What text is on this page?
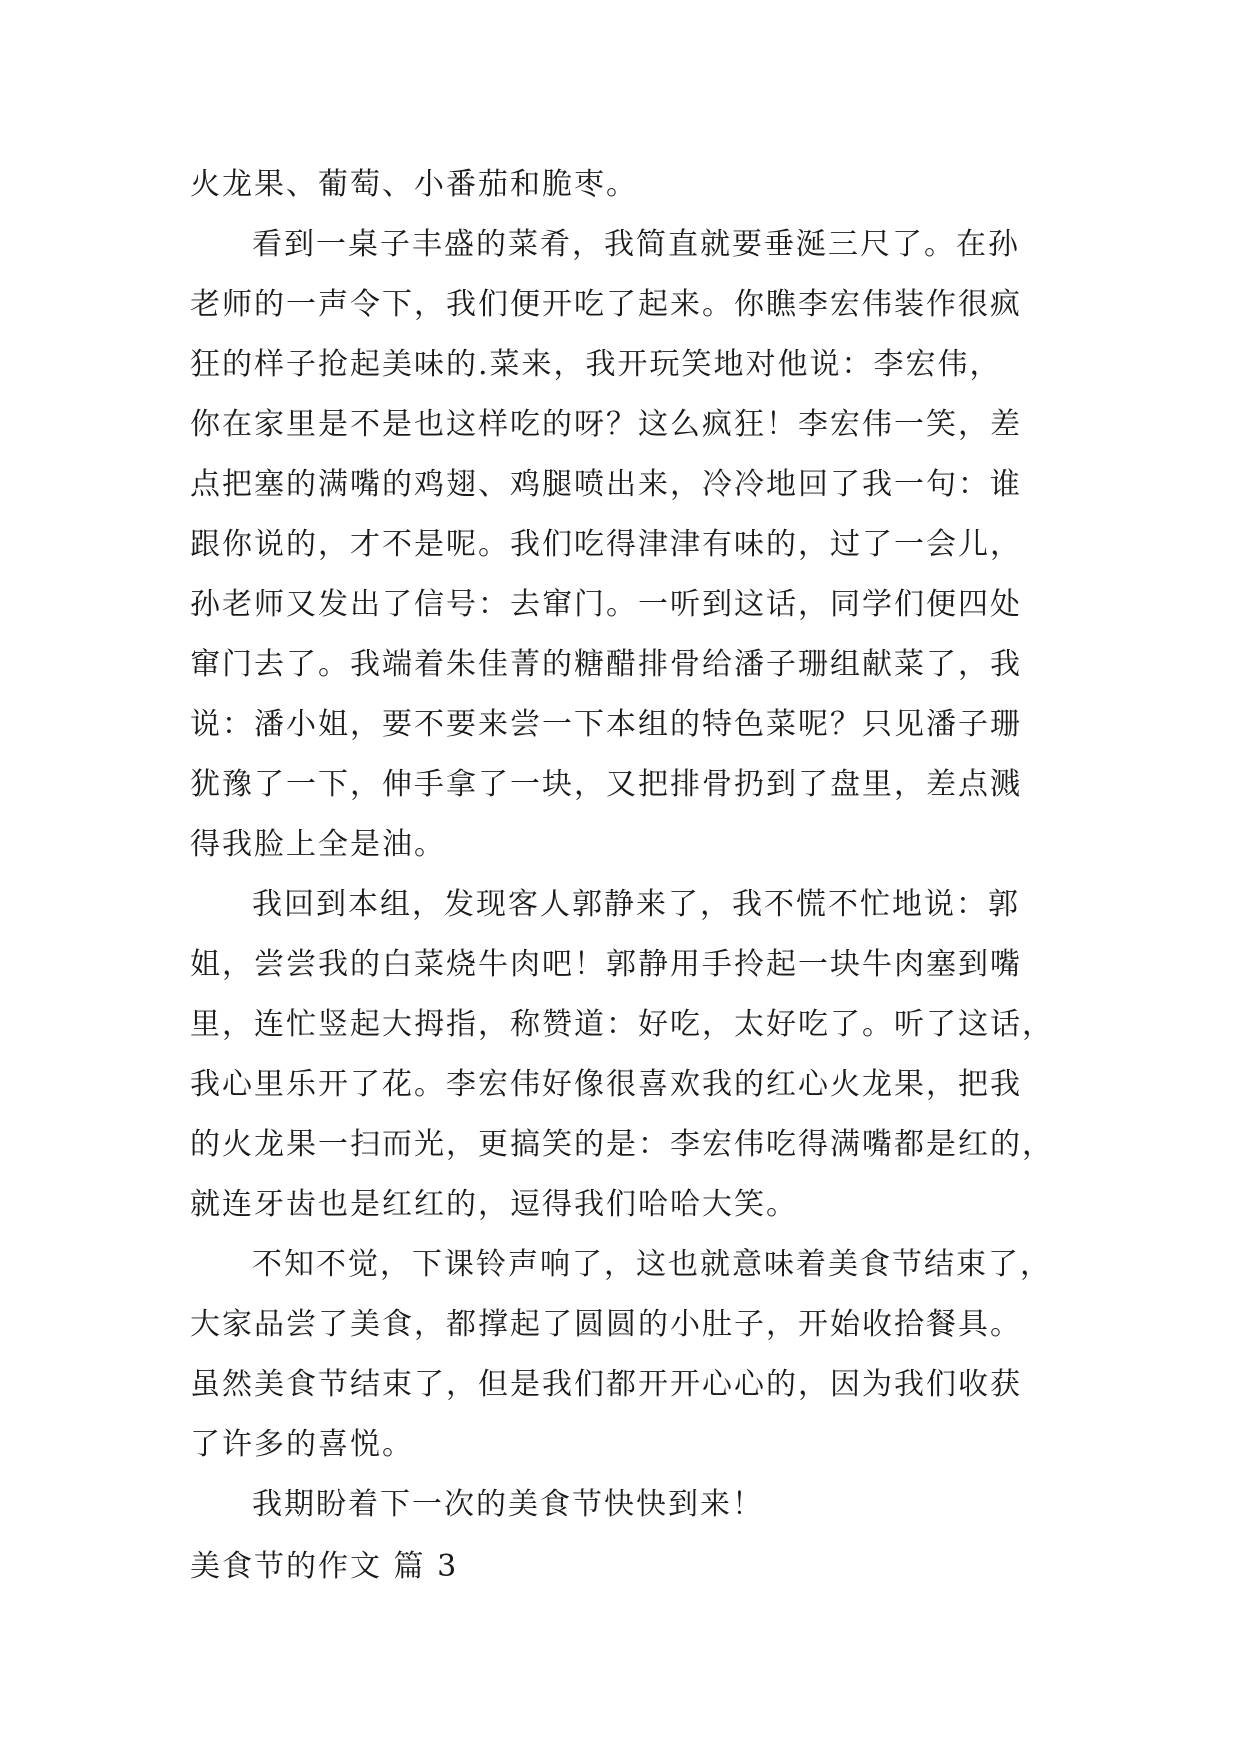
火龙果、葡萄、小番茄和脆枣。
看到一桌子丰盛的菜肴，我简直就要垂涎三尺了。在孙
老师的一声令下，我们便开吃了起来。你瞧李宏伟装作很疯
狂的样子抢起美味的.菜来，我开玩笑地对他说：李宏伟，
你在家里是不是也这样吃的呀？这么疯狂！李宏伟一笑，差
点把塞的满嘴的鸡翅、鸡腿喷出来，冷冷地回了我一句：谁
跟你说的，才不是呢。我们吃得津津有味的，过了一会儿，
孙老师又发出了信号：去窜门。一听到这话，同学们便四处
窜门去了。我端着朱佳菁的糖醋排骨给潘子珊组献菜了，我
说：潘小姐，要不要来尝一下本组的特色菜呢？只见潘子珊
犹豫了一下，伸手拿了一块，又把排骨扔到了盘里，差点溅
得我脸上全是油。
我回到本组，发现客人郭静来了，我不慌不忙地说：郭
姐，尝尝我的白菜烧牛肉吧！郭静用手拎起一块牛肉塞到嘴
里，连忙竖起大拇指，称赞道：好吃，太好吃了。听了这话，
我心里乐开了花。李宏伟好像很喜欢我的红心火龙果，把我
的火龙果一扫而光，更搞笑的是：李宏伟吃得满嘴都是红的，
就连牙齿也是红红的，逗得我们哈哈大笑。
不知不觉，下课铃声响了，这也就意味着美食节结束了，
大家品尝了美食，都撑起了圆圆的小肚子，开始收拾餐具。
虽然美食节结束了，但是我们都开开心心的，因为我们收获
了许多的喜悦。
我期盼着下一次的美食节快快到来！
美食节的作文 篇 3
